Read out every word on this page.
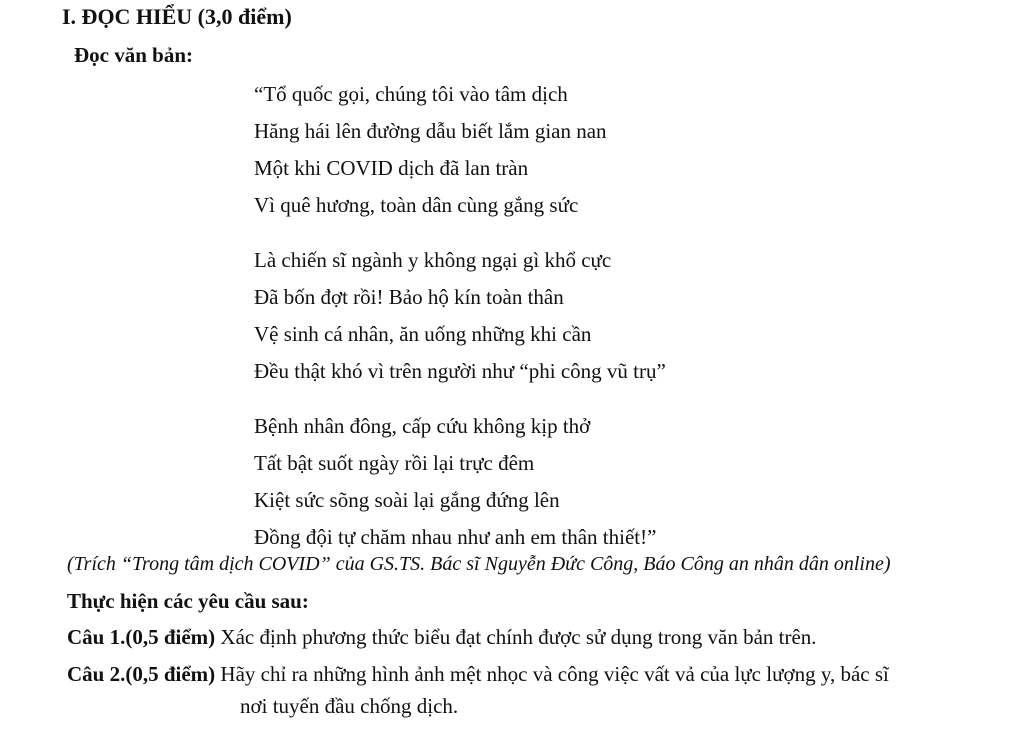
I. ĐỌC HIỂU (3,0 điểm)
Đọc văn bản:
“Tổ quốc gọi, chúng tôi vào tâm dịch
Hăng hái lên đường dẫu biết lắm gian nan
Một khi COVID dịch đã lan tràn
Vì quê hương, toàn dân cùng gắng sức
Là chiến sĩ ngành y không ngại gì khổ cực
Đã bốn đợt rồi! Bảo hộ kín toàn thân
Vệ sinh cá nhân, ăn uống những khi cần
Đều thật khó vì trên người như “phi công vũ trụ”
Bệnh nhân đông, cấp cứu không kịp thở
Tất bật suốt ngày rồi lại trực đêm
Kiệt sức sõng soài lại gắng đứng lên
Đồng đội tự chăm nhau như anh em thân thiết!”
(Trích “Trong tâm dịch COVID” của GS.TS. Bác sĩ Nguyễn Đức Công, Báo Công an nhân dân online)
Thực hiện các yêu cầu sau:
Câu 1.(0,5 điểm) Xác định phương thức biểu đạt chính được sử dụng trong văn bản trên.
Câu 2.(0,5 điểm) Hãy chỉ ra những hình ảnh mệt nhọc và công việc vất vả của lực lượng y, bác sĩ
nơi tuyến đầu chống dịch.
